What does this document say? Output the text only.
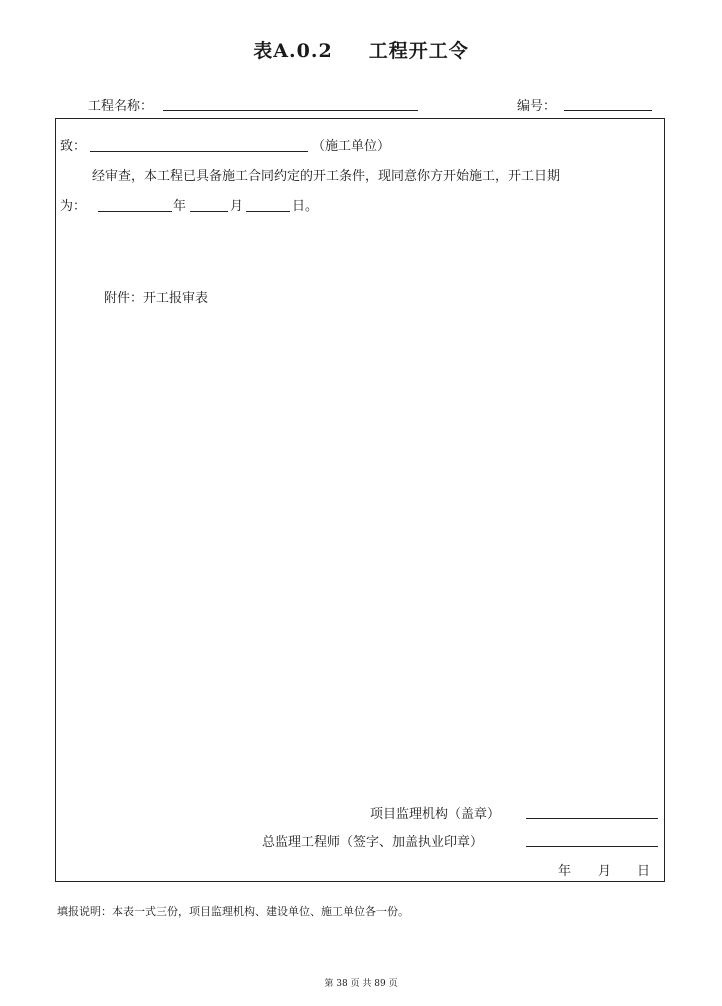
表A.0.2 工程开工令
工程名称：	编号：
致：	（施工单位）
经审查，本工程已具备施工合同约定的开工条件，现同意你方开始施工，开工日期
为：	年	月	日。
附件：开工报审表
项目监理机构（盖章）
总监理工程师（签字、加盖执业印章）
年 月 日
填报说明：本表一式三份，项目监理机构、建设单位、施工单位各一份。
第 38 页 共 89 页
